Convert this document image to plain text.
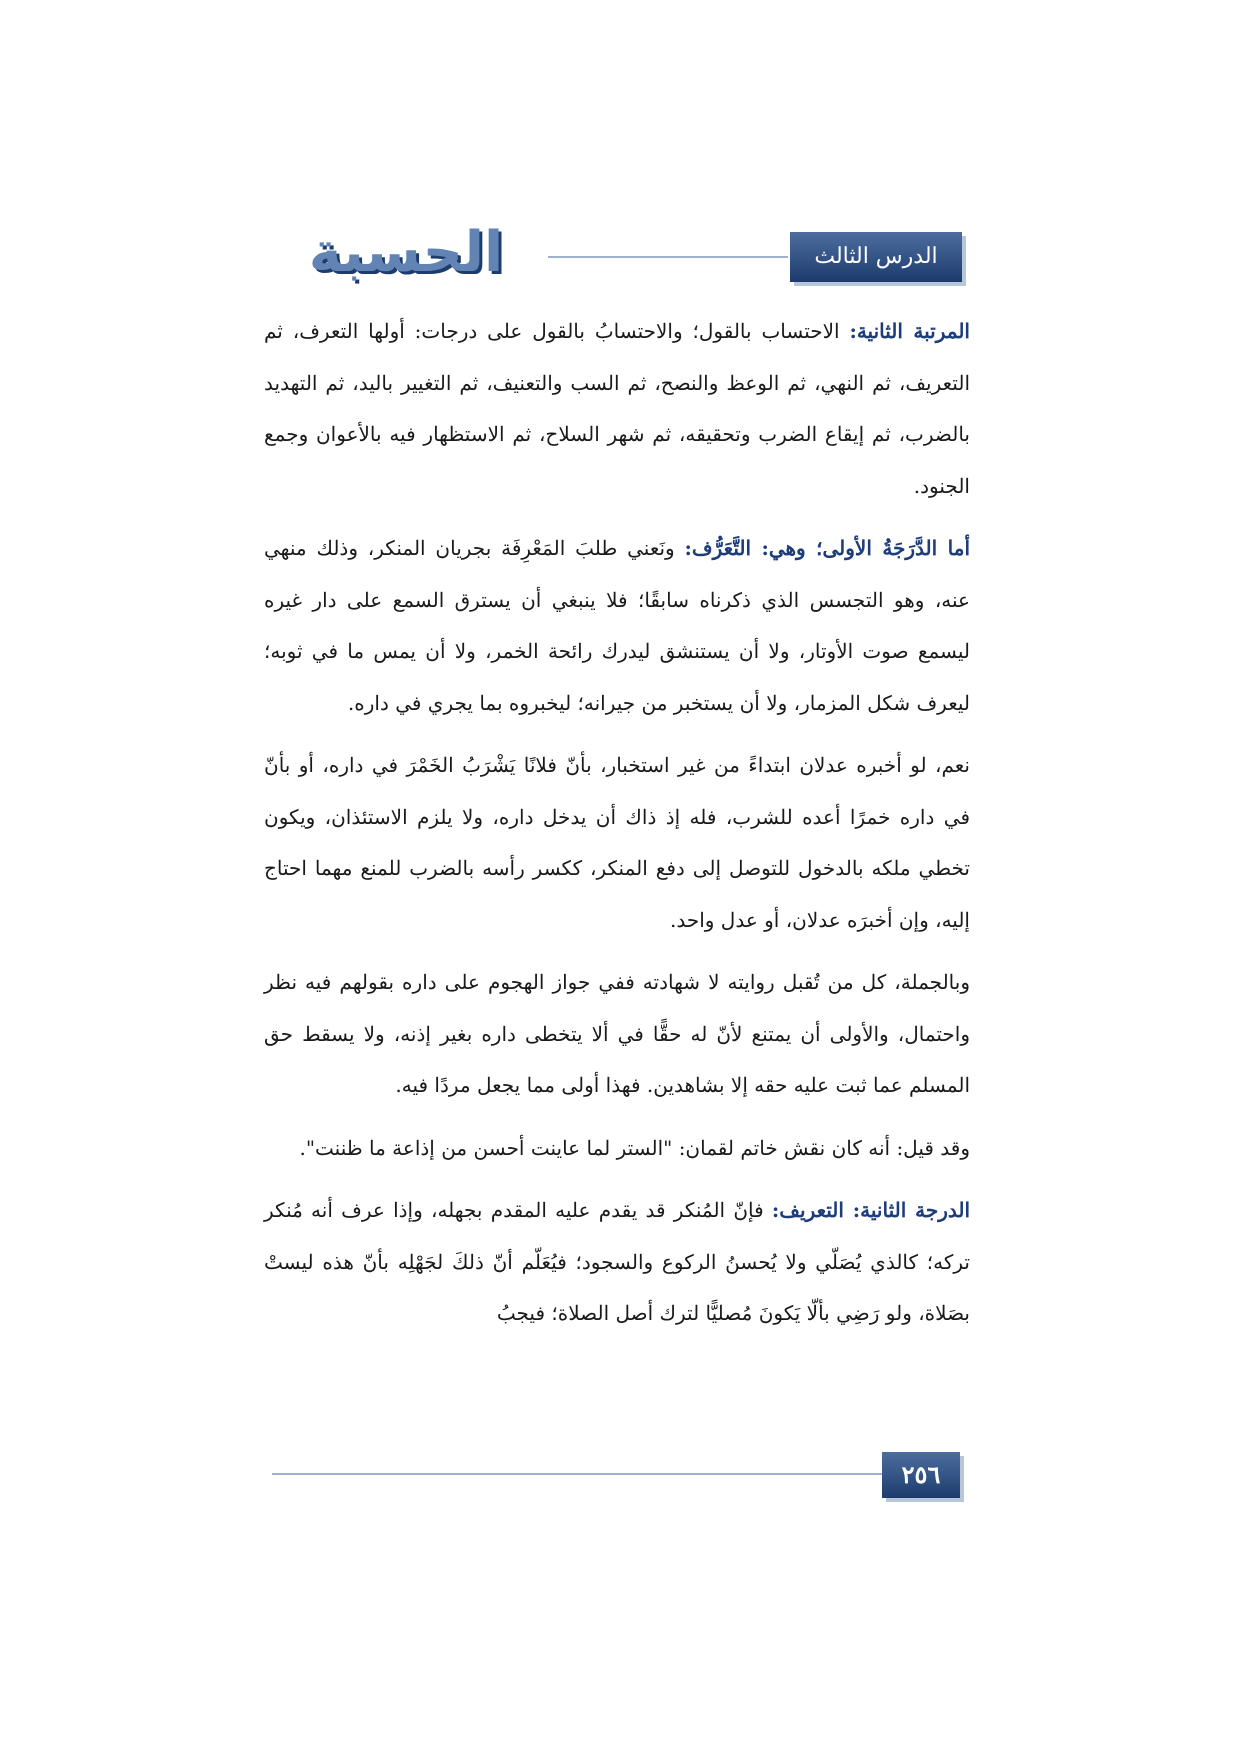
الدرس الثالث عشر
الحسبة

المرتبة الثانية: الاحتساب بالقول؛ والاحتسابُ بالقول على درجات: أولها التعرف، ثم التعريف، ثم النهي، ثم الوعظ والنصح، ثم السب والتعنيف، ثم التغيير باليد، ثم التهديد بالضرب، ثم إيقاع الضرب وتحقيقه، ثم شهر السلاح، ثم الاستظهار فيه بالأعوان وجمع الجنود.

أما الدَّرَجَةُ الأولى؛ وهي: التَّعَرُّف: ونَعني طلبَ المَعْرِفَة بجريان المنكر، وذلك منهي عنه، وهو التجسس الذي ذكرناه سابقًا؛ فلا ينبغي أن يسترق السمع على دار غيره ليسمع صوت الأوتار، ولا أن يستنشق ليدرك رائحة الخمر، ولا أن يمس ما في ثوبه؛ ليعرف شكل المزمار، ولا أن يستخبر من جيرانه؛ ليخبروه بما يجري في داره.

نعم، لو أخبره عدلان ابتداءً من غير استخبار، بأنّ فلانًا يَشْرَبُ الخَمْرَ في داره، أو بأنّ في داره خمرًا أعده للشرب، فله إذ ذاك أن يدخل داره، ولا يلزم الاستئذان، ويكون تخطي ملكه بالدخول للتوصل إلى دفع المنكر، ككسر رأسه بالضرب للمنع مهما احتاج إليه، وإن أخبرَه عدلان، أو عدل واحد.

وبالجملة، كل من تُقبل روايته لا شهادته ففي جواز الهجوم على داره بقولهم فيه نظر واحتمال، والأولى أن يمتنع لأنّ له حقًّا في ألا يتخطى داره بغير إذنه، ولا يسقط حق المسلم عما ثبت عليه حقه إلا بشاهدين. فهذا أولى مما يجعل مردًا فيه.

وقد قيل: أنه كان نقش خاتم لقمان: "الستر لما عاينت أحسن من إذاعة ما ظننت".

الدرجة الثانية: التعريف: فإنّ المُنكر قد يقدم عليه المقدم بجهله، وإذا عرف أنه مُنكر تركه؛ كالذي يُصَلّي ولا يُحسنُ الركوع والسجود؛ فيُعَلّم أنّ ذلكَ لجَهْلِه بأنّ هذه ليستْ بصَلاة، ولو رَضِي بألّا يَكونَ مُصليًّا لترك أصل الصلاة؛ فيجبُ

٢٥٦
